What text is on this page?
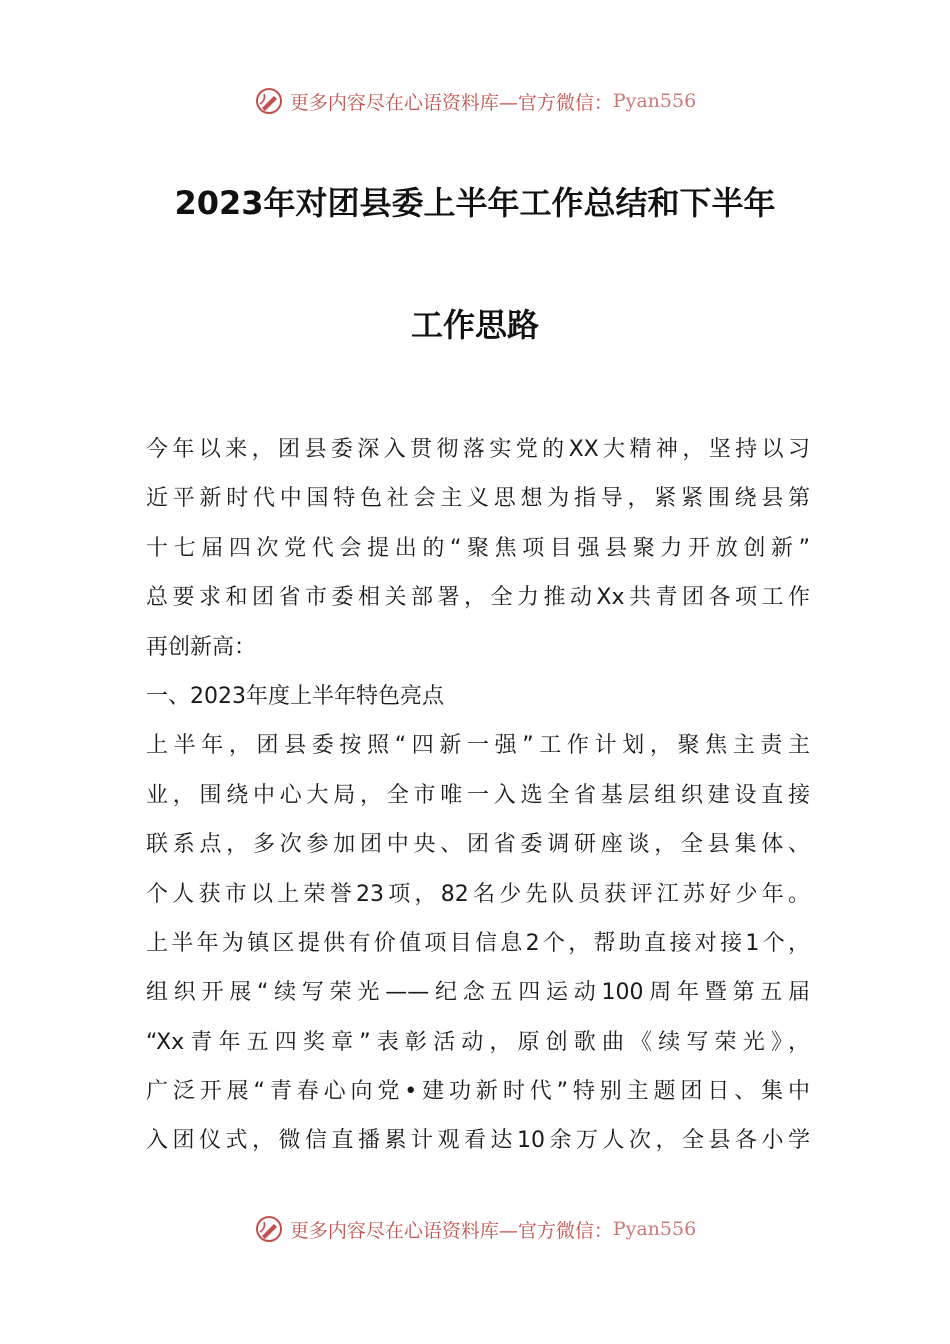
更多内容尽在心语资料库—官方微信： Pyan556
2023年对团县委上半年工作总结和下半年
工作思路
今年以来，团县委深入贯彻落实党的XX大精神，坚持以习
近平新时代中国特色社会主义思想为指导，紧紧围绕县第
十七届四次党代会提出的“聚焦项目强县聚力开放创新”
总要求和团省市委相关部署，全力推动Xx共青团各项工作
再创新高：
一、2023年度上半年特色亮点
上半年，团县委按照“四新一强”工作计划，聚焦主责主
业，围绕中心大局，全市唯一入选全省基层组织建设直接
联系点，多次参加团中央、团省委调研座谈，全县集体、
个人获市以上荣誉23项，82名少先队员获评江苏好少年。
上半年为镇区提供有价值项目信息2个，帮助直接对接1个，
组织开展“续写荣光——纪念五四运动100周年暨第五届
“Xx青年五四奖章”表彰活动，原创歌曲《续写荣光》，
广泛开展“青春心向党•建功新时代”特别主题团日、集中
入团仪式，微信直播累计观看达10余万人次，全县各小学
更多内容尽在心语资料库—官方微信： Pyan556
